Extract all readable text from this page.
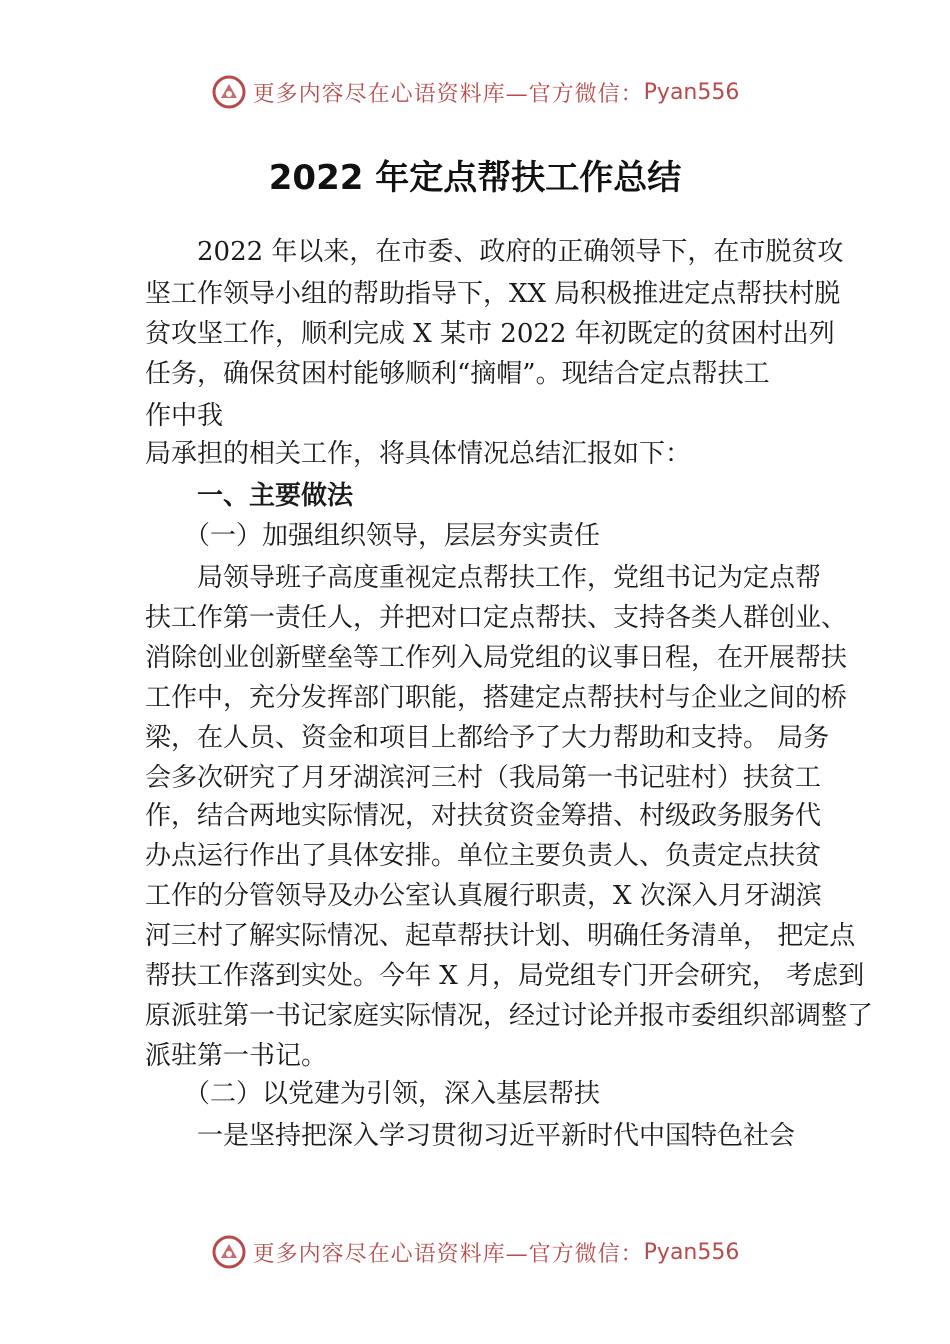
更多内容尽在心语资料库—官方微信： Pyan556
2022 年定点帮扶工作总结
　　2022 年以来，在市委、政府的正确领导下，在市脱贫攻
坚工作领导小组的帮助指导下，XX 局积极推进定点帮扶村脱
贫攻坚工作，顺利完成 X 某市 2022 年初既定的贫困村出列
任务，确保贫困村能够顺利“摘帽”。现结合定点帮扶工
作中我
局承担的相关工作，将具体情况总结汇报如下：
　　一、主要做法
　　（一）加强组织领导，层层夯实责任
　　局领导班子高度重视定点帮扶工作，党组书记为定点帮
扶工作第一责任人，并把对口定点帮扶、支持各类人群创业、
消除创业创新壁垒等工作列入局党组的议事日程，在开展帮扶
工作中，充分发挥部门职能，搭建定点帮扶村与企业之间的桥
梁，在人员、资金和项目上都给予了大力帮助和支持。 局务
会多次研究了月牙湖滨河三村（我局第一书记驻村）扶贫工
作，结合两地实际情况，对扶贫资金筹措、村级政务服务代
办点运行作出了具体安排。单位主要负责人、负责定点扶贫
工作的分管领导及办公室认真履行职责，X 次深入月牙湖滨
河三村了解实际情况、起草帮扶计划、明确任务清单， 把定点
帮扶工作落到实处。今年 X 月，局党组专门开会研究， 考虑到
原派驻第一书记家庭实际情况，经过讨论并报市委组织部调整了
派驻第一书记。
　　（二）以党建为引领，深入基层帮扶
　　一是坚持把深入学习贯彻习近平新时代中国特色社会
更多内容尽在心语资料库—官方微信： Pyan556
